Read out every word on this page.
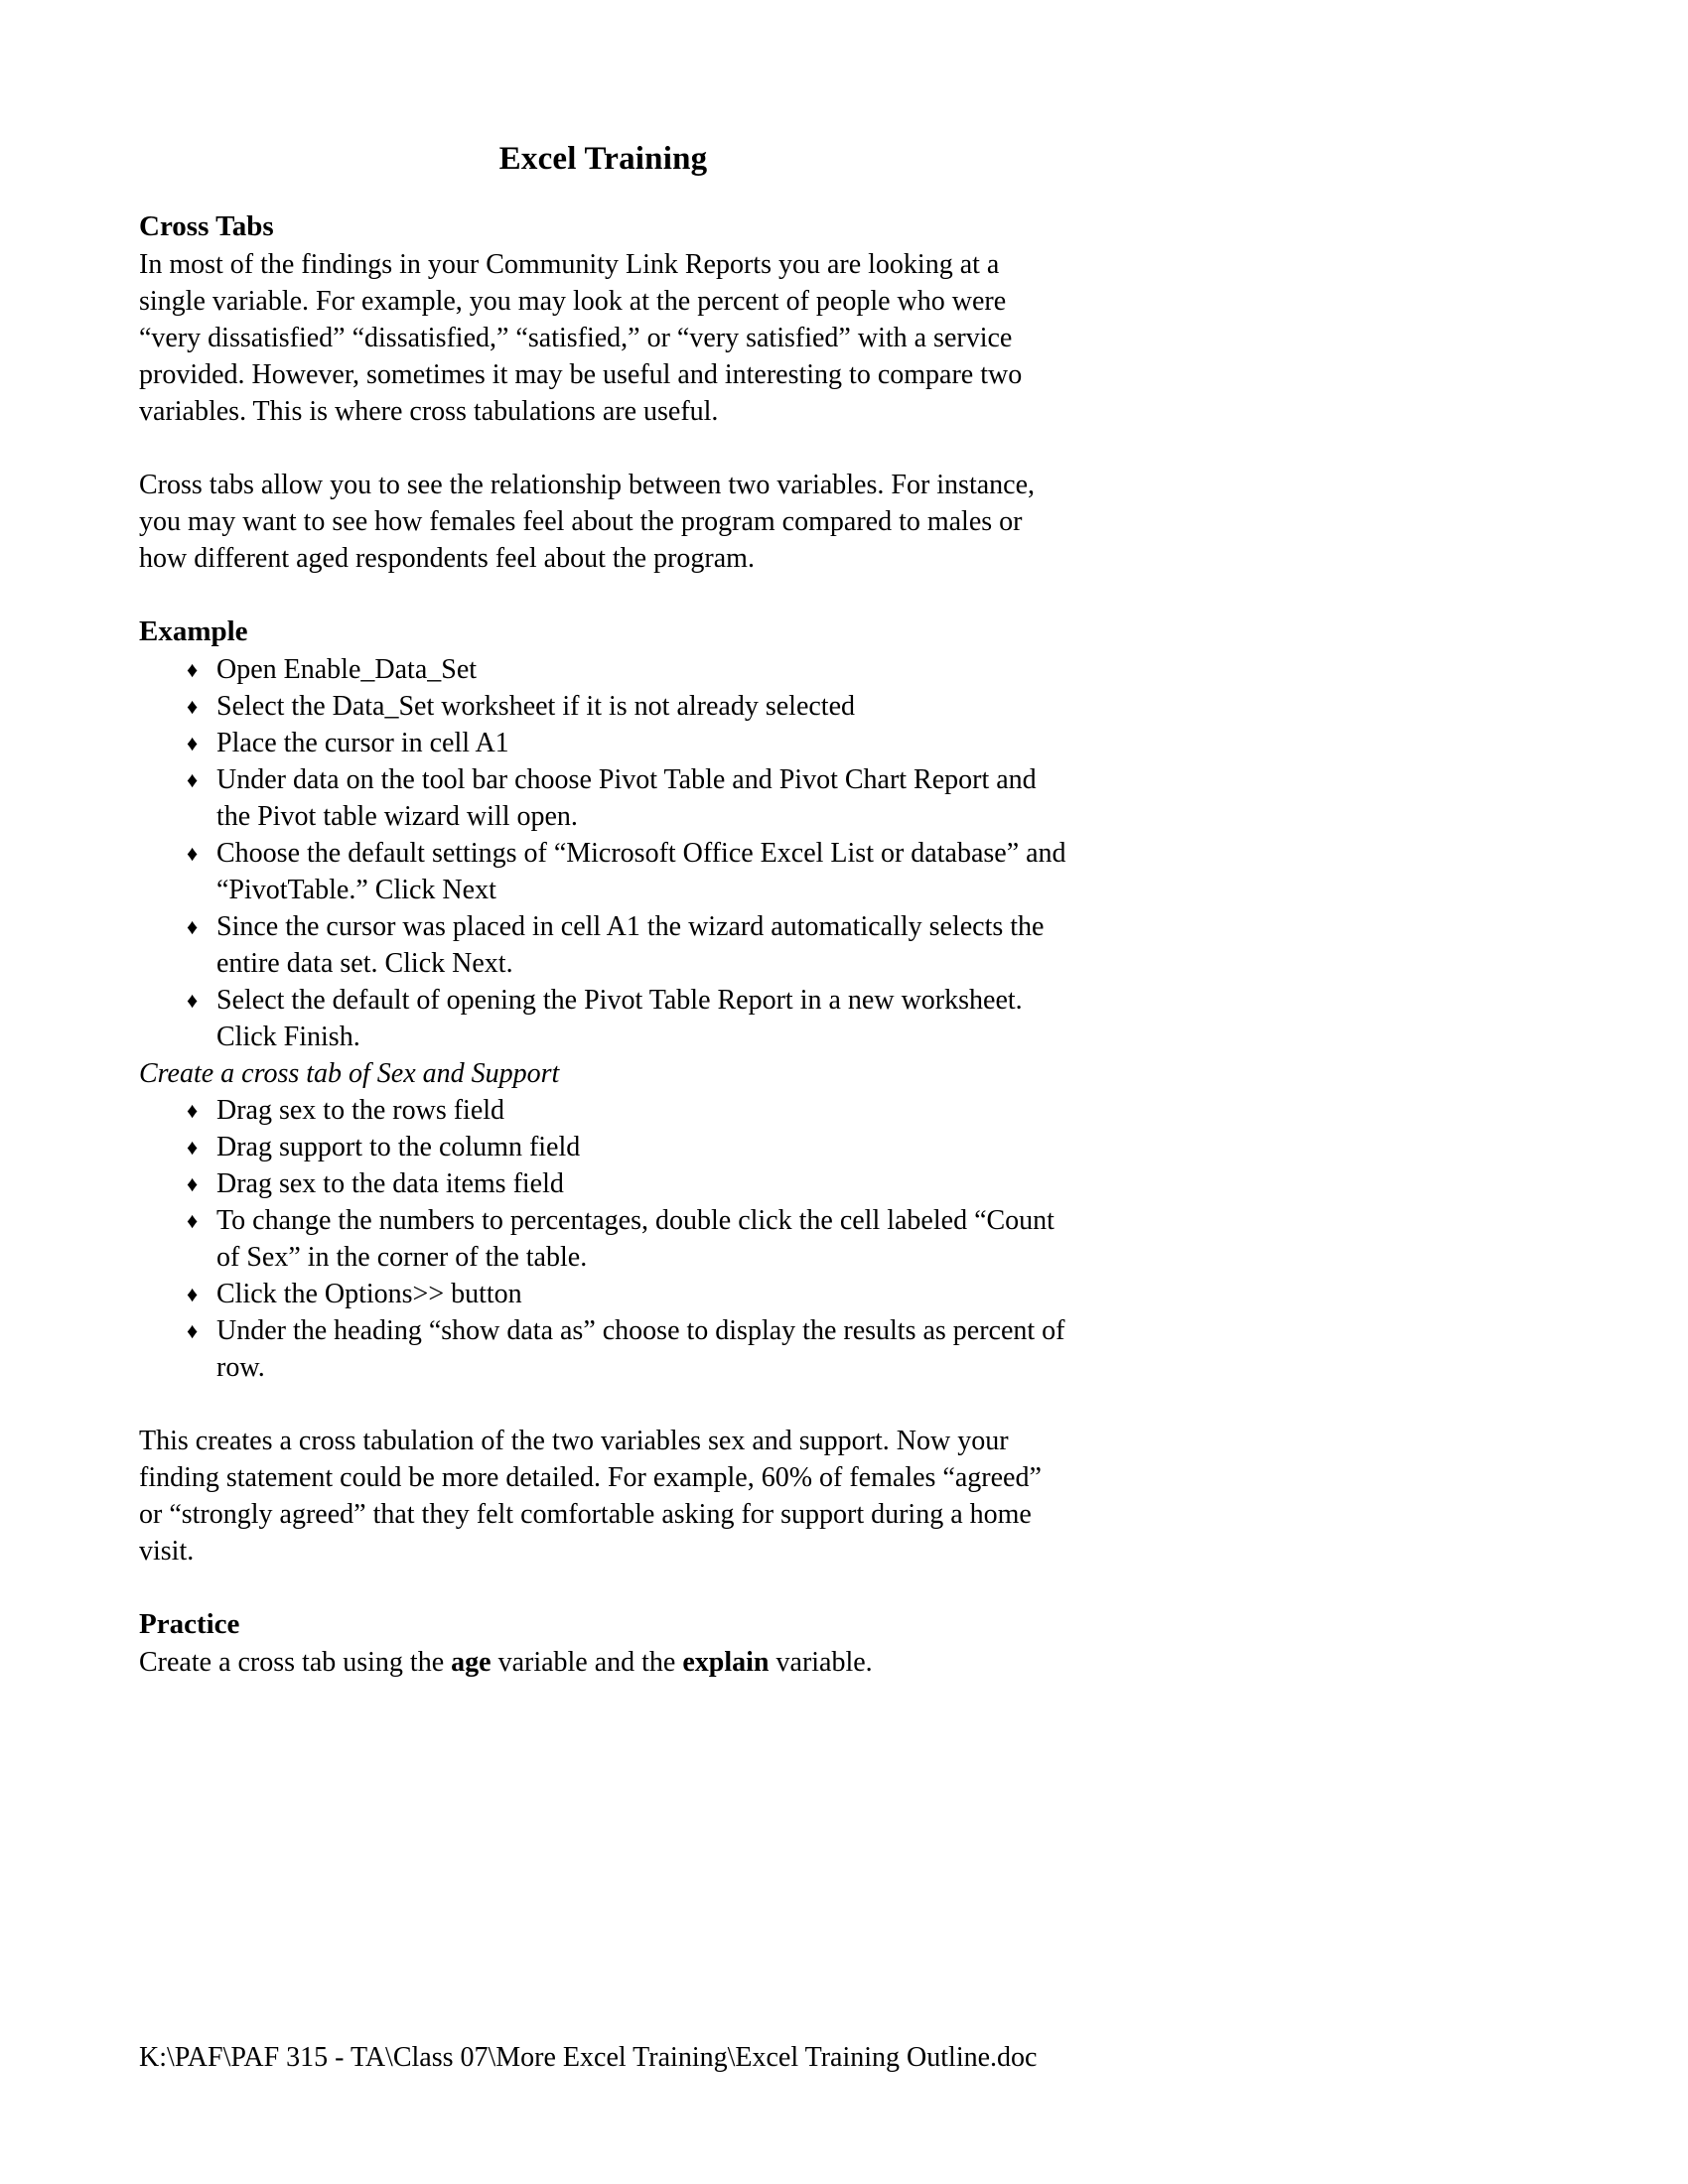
Excel Training
Cross Tabs

In most of the findings in your Community Link Reports you are looking at a single variable. For example, you may look at the percent of people who were “very dissatisfied” “dissatisfied,” “satisfied,” or “very satisfied” with a service provided. However, sometimes it may be useful and interesting to compare two variables. This is where cross tabulations are useful.

Cross tabs allow you to see the relationship between two variables. For instance, you may want to see how females feel about the program compared to males or how different aged respondents feel about the program.

Example
♦ Open Enable_Data_Set
♦ Select the Data_Set worksheet if it is not already selected
♦ Place the cursor in cell A1
♦ Under data on the tool bar choose Pivot Table and Pivot Chart Report and the Pivot table wizard will open.
♦ Choose the default settings of “Microsoft Office Excel List or database” and “PivotTable.” Click Next
♦ Since the cursor was placed in cell A1 the wizard automatically selects the entire data set. Click Next.
♦ Select the default of opening the Pivot Table Report in a new worksheet. Click Finish.

Create a cross tab of Sex and Support

♦ Drag sex to the rows field
♦ Drag support to the column field
♦ Drag sex to the data items field
♦ To change the numbers to percentages, double click the cell labeled “Count of Sex” in the corner of the table.
♦ Click the Options>> button
♦ Under the heading “show data as” choose to display the results as percent of row.

This creates a cross tabulation of the two variables sex and support. Now your finding statement could be more detailed. For example, 60% of females “agreed” or “strongly agreed” that they felt comfortable asking for support during a home visit.

Practice

Create a cross tab using the age variable and the explain variable.

K:\PAF\PAF 315 - TA\Class 07\More Excel Training\Excel Training Outline.doc
